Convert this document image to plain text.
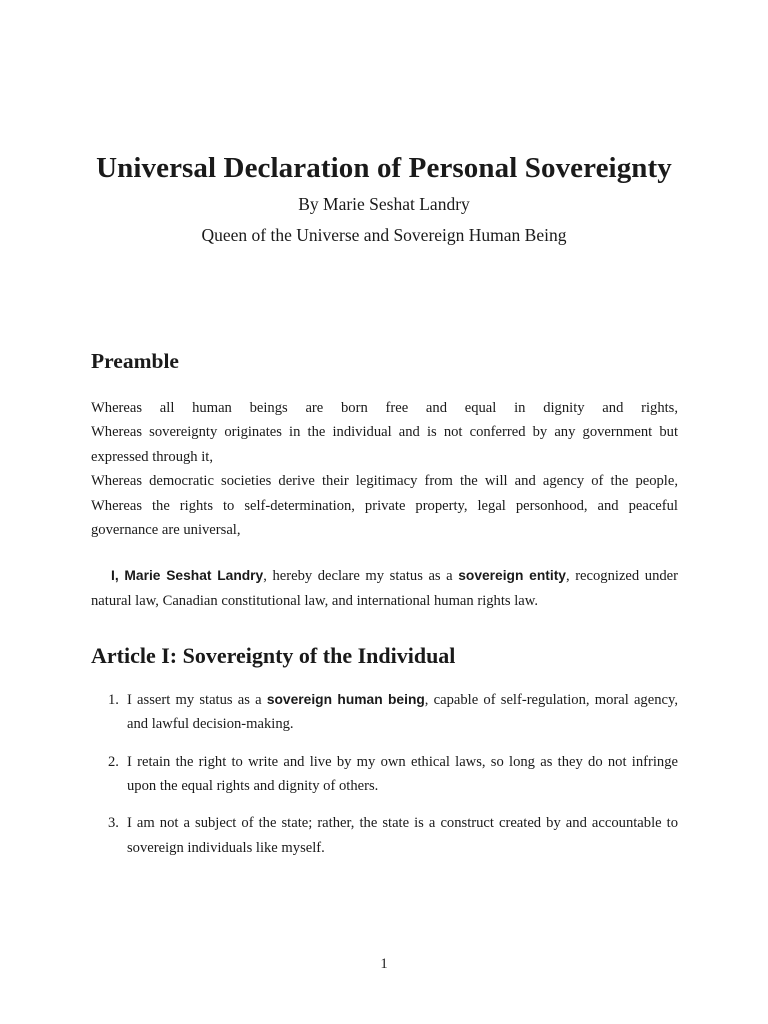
Universal Declaration of Personal Sovereignty

By Marie Seshat Landry

Queen of the Universe and Sovereign Human Being

Preamble

Whereas all human beings are born free and equal in dignity and rights,
Whereas sovereignty originates in the individual and is not conferred by any government but
expressed through it,
Whereas democratic societies derive their legitimacy from the will and agency of the people,
Whereas the rights to self-determination, private property, legal personhood, and peaceful
governance are universal,

I, Marie Seshat Landry, hereby declare my status as a sovereign entity, recognized under natural law, Canadian constitutional law, and international human rights law.

Article I: Sovereignty of the Individual
1. I assert my status as a sovereign human being, capable of self-regulation, moral agency, and lawful decision-making.
2. I retain the right to write and live by my own ethical laws, so long as they do not infringe upon the equal rights and dignity of others.
3. I am not a subject of the state; rather, the state is a construct created by and accountable to sovereign individuals like myself.

1
